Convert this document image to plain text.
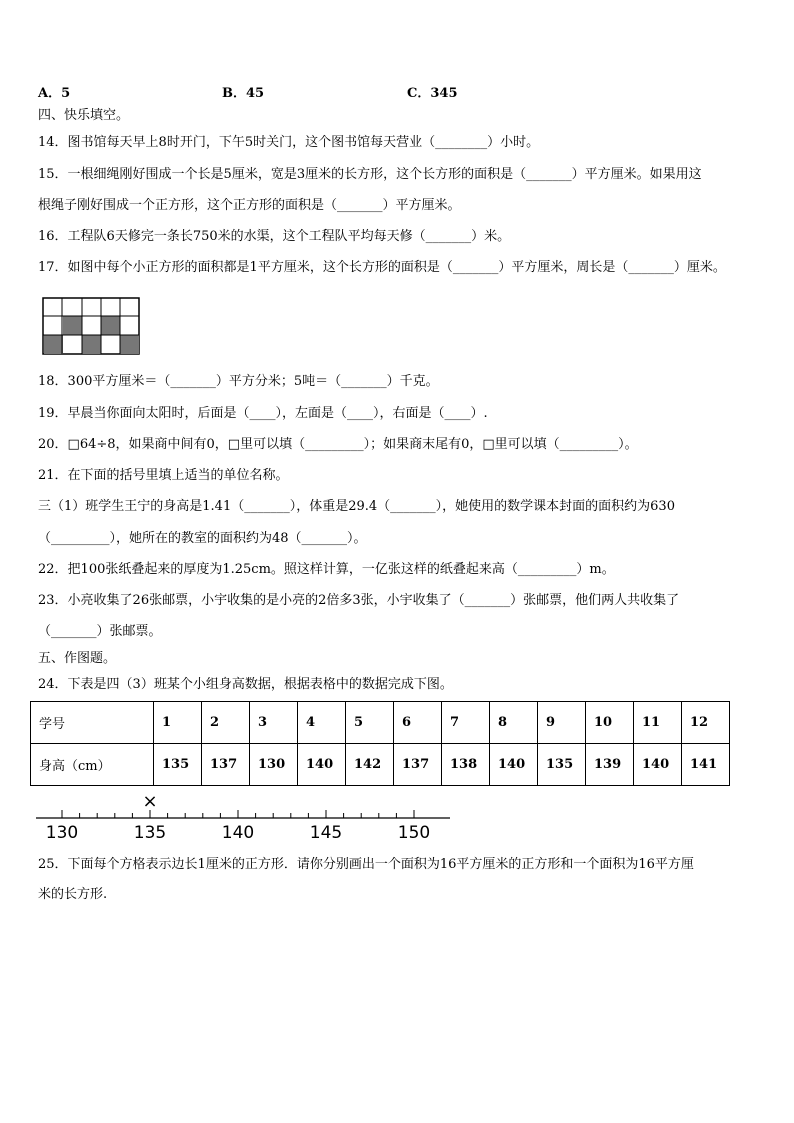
A．5	B．45	C．345
四、快乐填空。
14．图书馆每天早上8时开门，下午5时关门，这个图书馆每天营业（________）小时。
15．一根细绳刚好围成一个长是5厘米，宽是3厘米的长方形，这个长方形的面积是（_______）平方厘米。如果用这
根绳子刚好围成一个正方形，这个正方形的面积是（_______）平方厘米。
16．工程队6天修完一条长750米的水渠，这个工程队平均每天修（_______）米。
17．如图中每个小正方形的面积都是1平方厘米，这个长方形的面积是（_______）平方厘米，周长是（_______）厘米。
18．300平方厘米＝（_______）平方分米；5吨＝（_______）千克。
19．早晨当你面向太阳时，后面是（____），左面是（____），右面是（____）.
20．□64÷8，如果商中间有0，□里可以填（_________）；如果商末尾有0，□里可以填（_________）。
21．在下面的括号里填上适当的单位名称。
三（1）班学生王宁的身高是1.41（_______），体重是29.4（_______），她使用的数学课本封面的面积约为630
（_________），她所在的教室的面积约为48（_______）。
22．把100张纸叠起来的厚度为1.25cm。照这样计算，一亿张这样的纸叠起来高（_________）m。
23．小亮收集了26张邮票，小宇收集的是小亮的2倍多3张，小宇收集了（_______）张邮票，他们两人共收集了
（_______）张邮票。
五、作图题。
24．下表是四（3）班某个小组身高数据，根据表格中的数据完成下图。
学号	1	2	3	4	5	6	7	8	9	10	11	12
身高（cm）	135	137	130	140	142	137	138	140	135	139	140	141
×
130	135	140	145	150
25．下面每个方格表示边长1厘米的正方形．请你分别画出一个面积为16平方厘米的正方形和一个面积为16平方厘
米的长方形.
